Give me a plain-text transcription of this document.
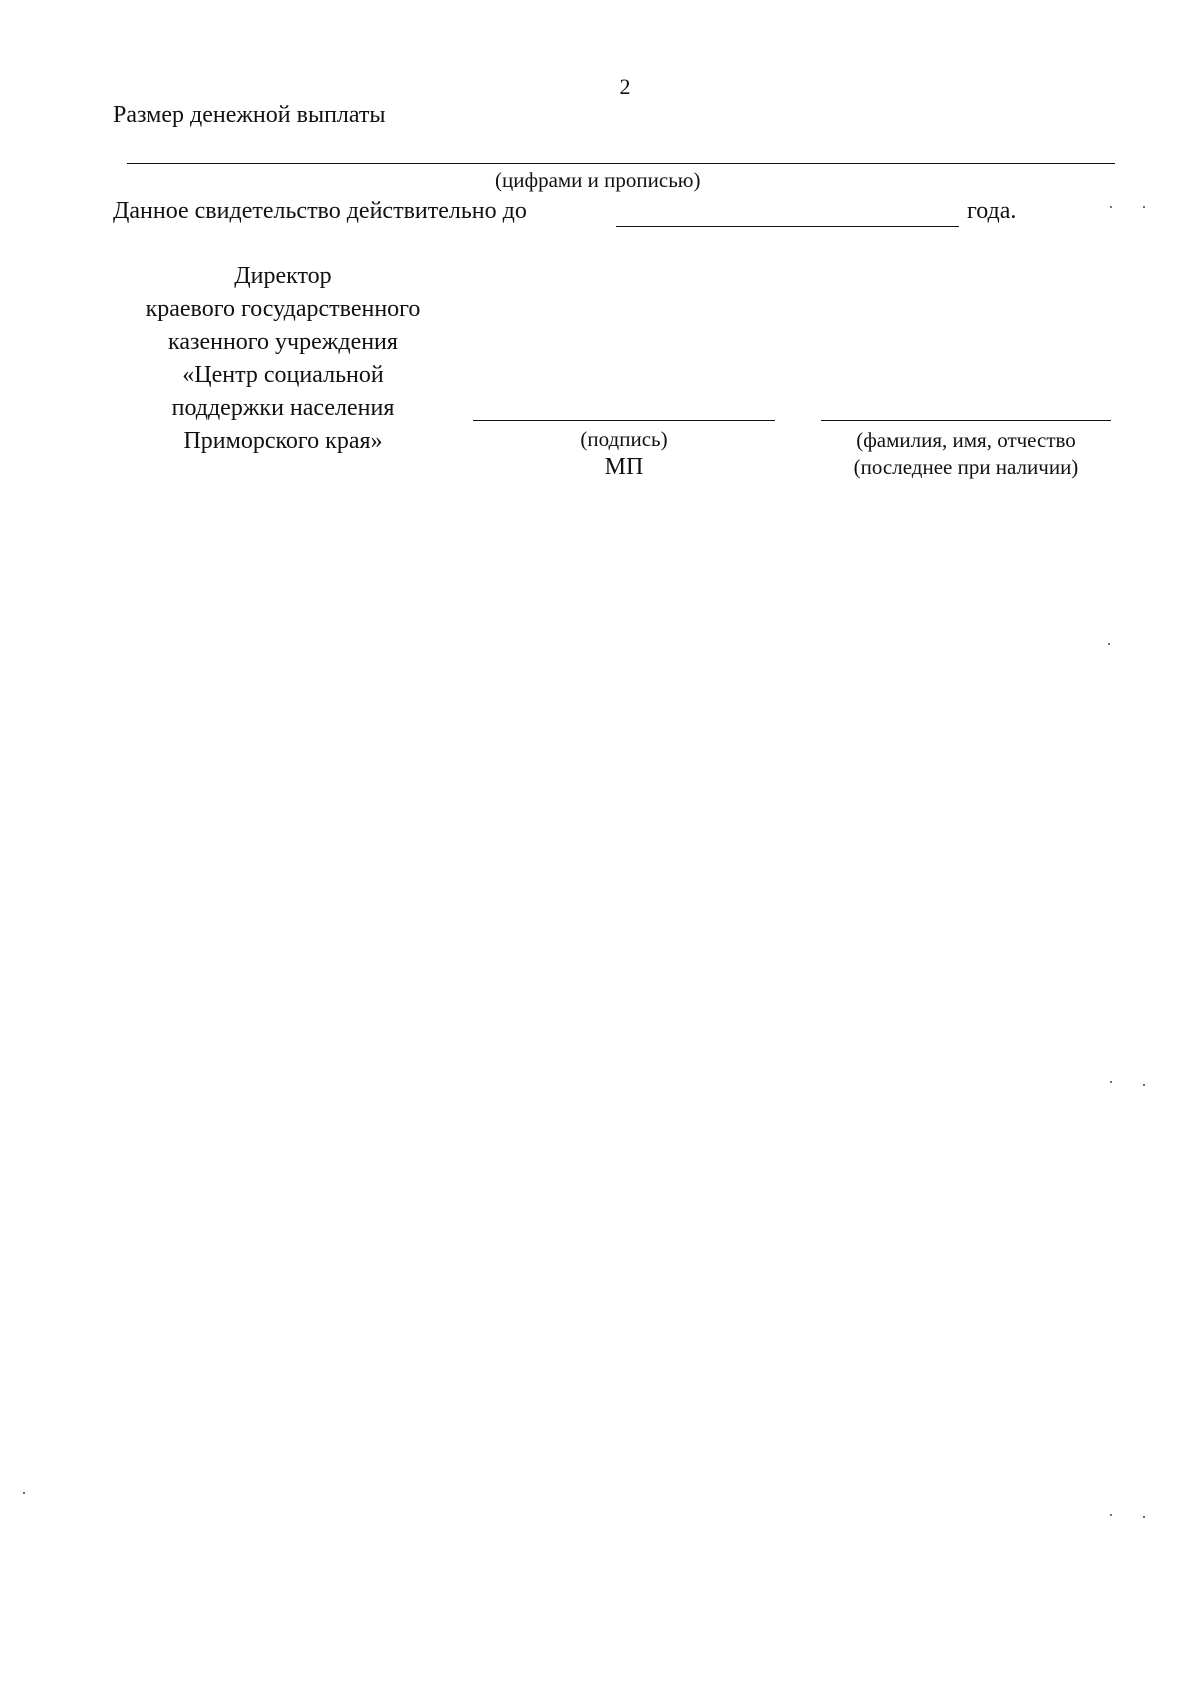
2
Размер денежной выплаты
(цифрами и прописью)
Данное свидетельство действительно до	года.
Директор
краевого государственного
казенного учреждения
«Центр социальной
поддержки населения
Приморского края»	(подпись)
МП
(фамилия, имя, отчество
(последнее при наличии)
